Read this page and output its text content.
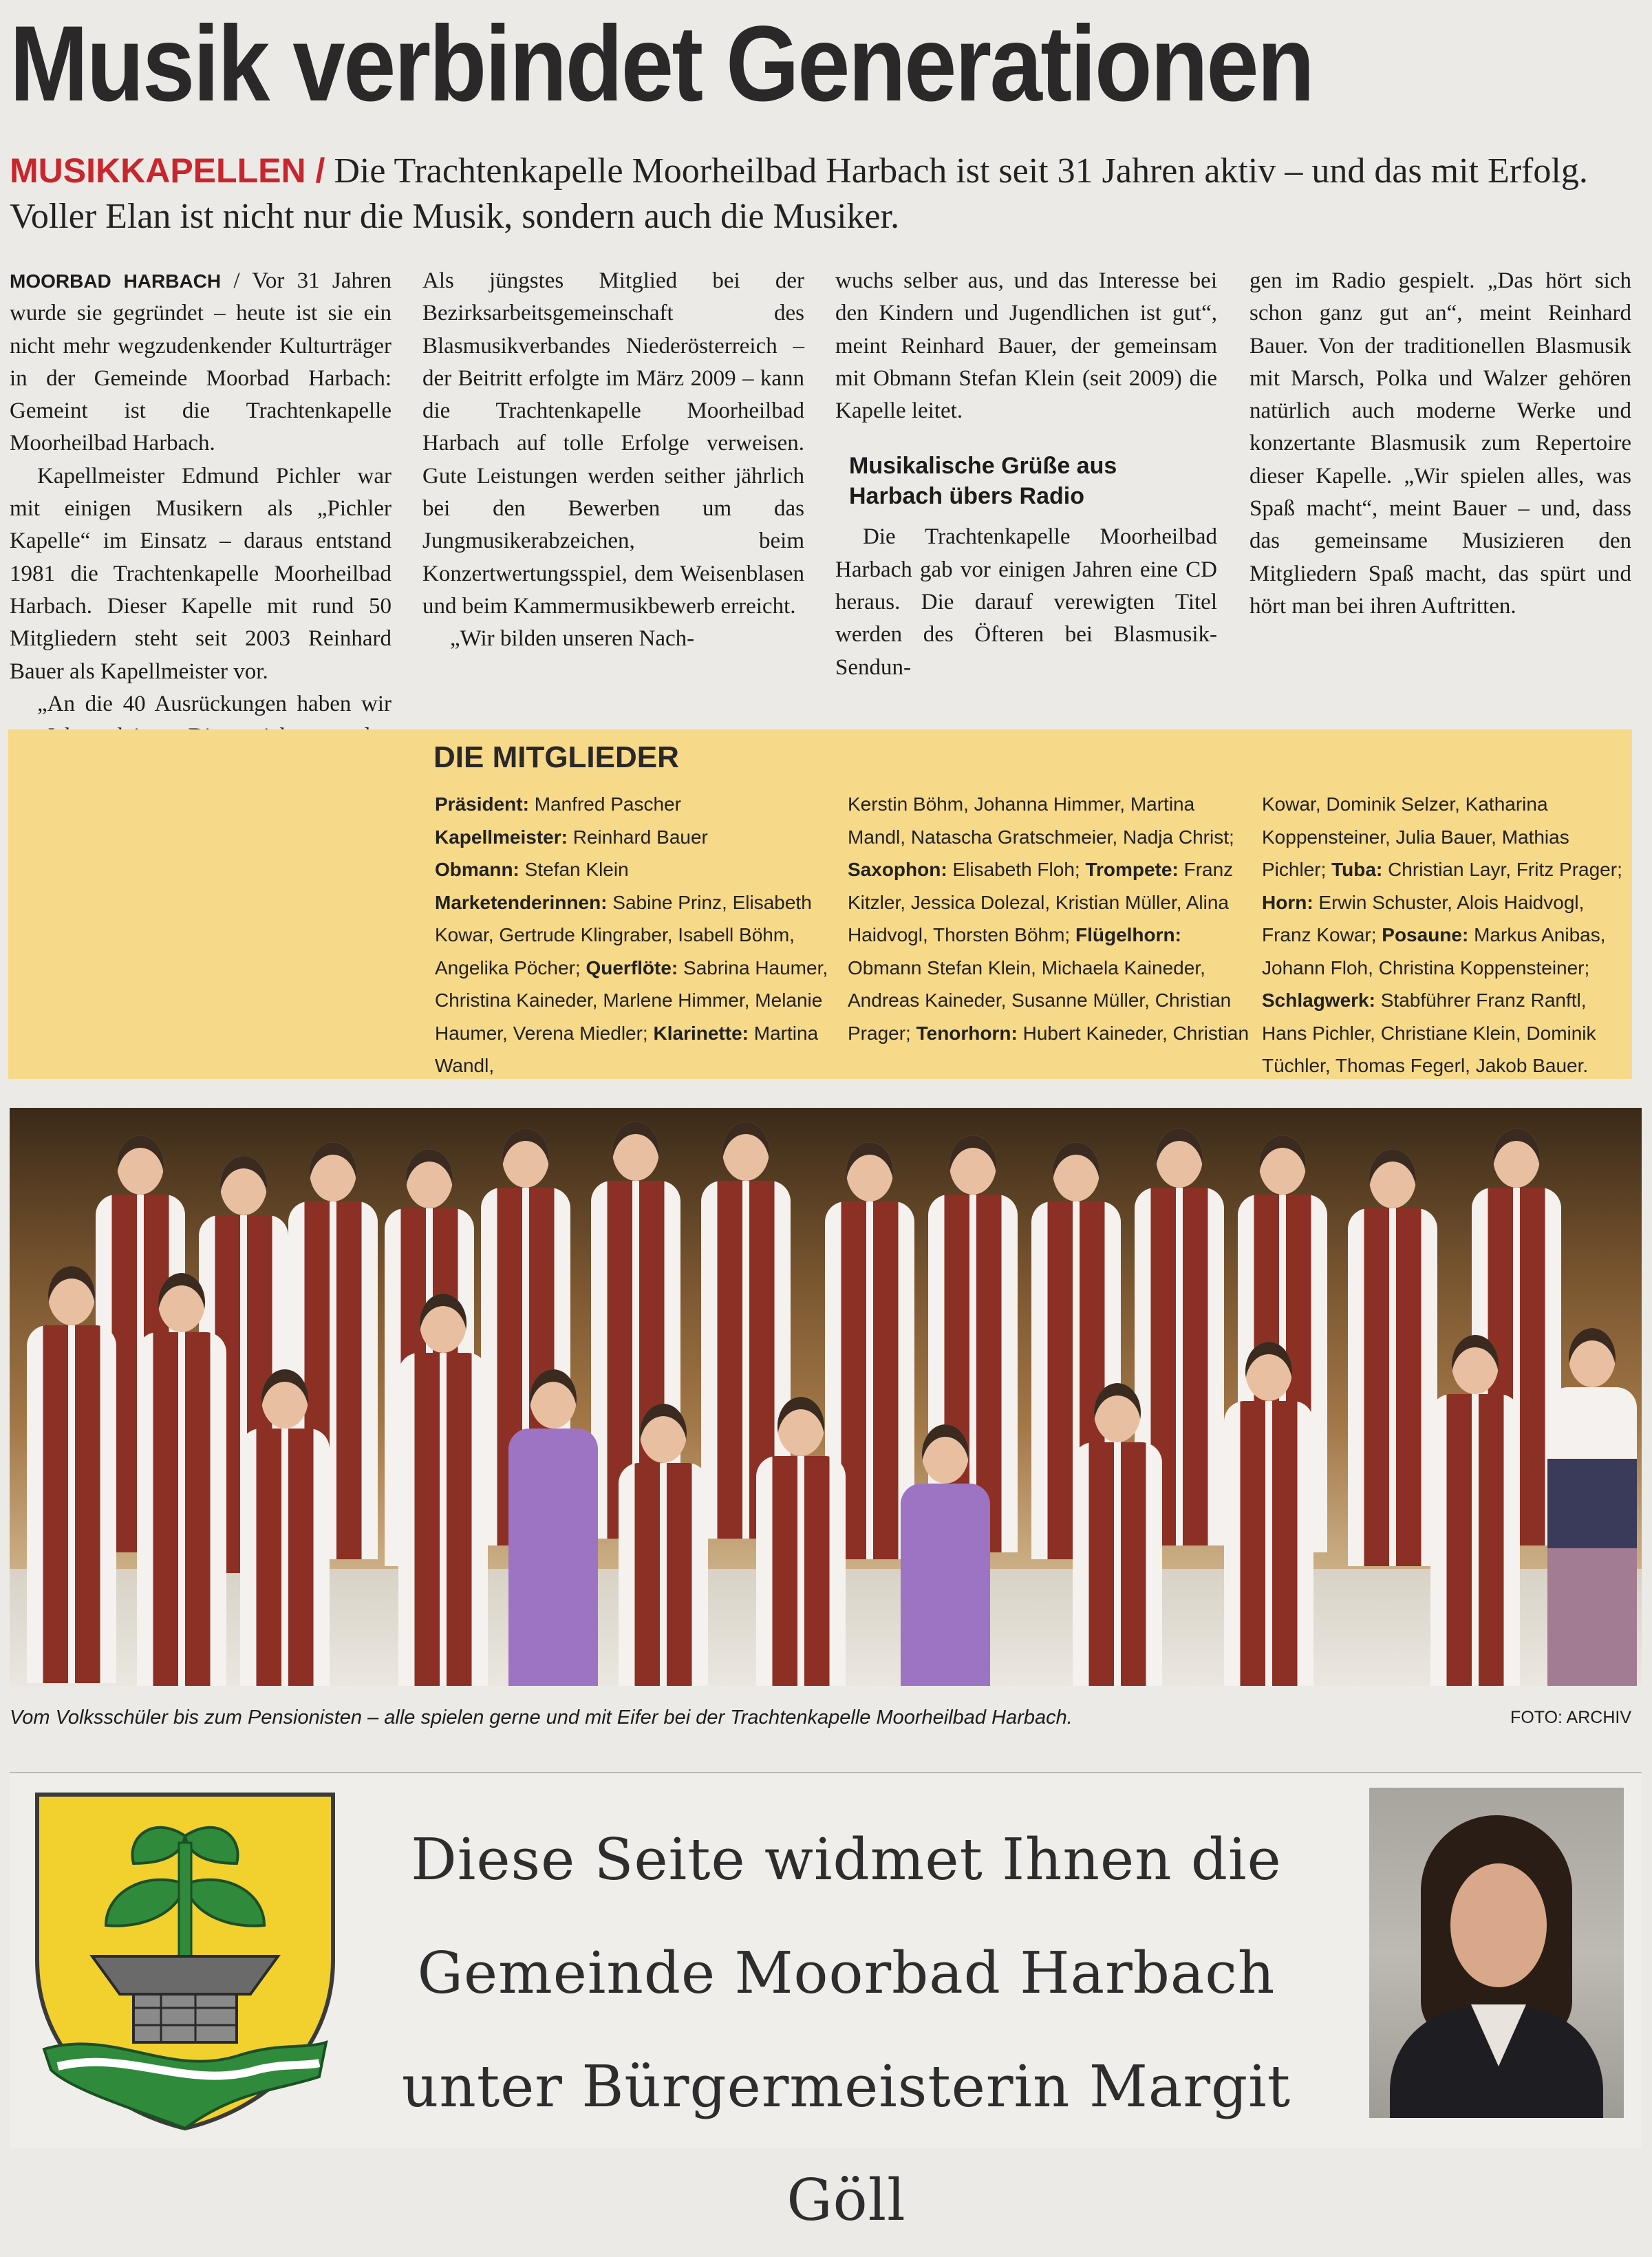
Musik verbindet Generationen
MUSIKKAPELLEN / Die Trachtenkapelle Moorheilbad Harbach ist seit 31 Jahren aktiv – und das mit Erfolg. Voller Elan ist nicht nur die Musik, sondern auch die Musiker.

MOORBAD HARBACH / Vor 31 Jahren wurde sie gegründet – heute ist sie ein nicht mehr wegzudenkender Kulturträger in der Gemeinde Moorbad Harbach: Gemeint ist die Trachtenkapelle Moorheilbad Harbach.

Kapellmeister Edmund Pichler war mit einigen Musikern als „Pichler Kapelle“ im Einsatz – daraus entstand 1981 die Trachtenkapelle Moorheilbad Harbach. Dieser Kapelle mit rund 50 Mitgliedern steht seit 2003 Reinhard Bauer als Kapellmeister vor.

„An die 40 Ausrückungen haben wir pro Jahr zu leisten. Diese reichen von den Platzkonzerten vor dem Kurhaus über die musikalische Gestaltung der kirchlichen Feiern bis zum traditionellen Frühlingskonzert, das wir immer am Ostersonntag spielen“, berichtet der engagierte Kapellmeister, dessen Schwester Martina die Stadtkapelle Weitra leitet.

Als jüngstes Mitglied bei der Bezirksarbeitsgemeinschaft des Blasmusikverbandes Niederösterreich – der Beitritt erfolgte im März 2009 – kann die Trachtenkapelle Moorheilbad Harbach auf tolle Erfolge verweisen. Gute Leistungen werden seither jährlich bei den Bewerben um das Jungmusikerabzeichen, beim Konzertwertungsspiel, dem Weisenblasen und beim Kammermusikbewerb erreicht.

„Wir bilden unseren Nach-

wuchs selber aus, und das Interesse bei den Kindern und Jugendlichen ist gut“, meint Reinhard Bauer, der gemeinsam mit Obmann Stefan Klein (seit 2009) die Kapelle leitet.

Musikalische Grüße aus
Harbach übers Radio

Die Trachtenkapelle Moorheilbad Harbach gab vor einigen Jahren eine CD heraus. Die darauf verewigten Titel werden des Öfteren bei Blasmusik-Sendun-

gen im Radio gespielt. „Das hört sich schon ganz gut an“, meint Reinhard Bauer. Von der traditionellen Blasmusik mit Marsch, Polka und Walzer gehören natürlich auch moderne Werke und konzertante Blasmusik zum Repertoire dieser Kapelle. „Wir spielen alles, was Spaß macht“, meint Bauer – und, dass das gemeinsame Musizieren den Mitgliedern Spaß macht, das spürt und hört man bei ihren Auftritten.

DIE MITGLIEDER
Präsident: Manfred Pascher
Kapellmeister: Reinhard Bauer
Obmann: Stefan Klein
Marketenderinnen: Sabine Prinz, Elisabeth Kowar, Gertrude Klingraber, Isabell Böhm, Angelika Pöcher; Querflöte: Sabrina Haumer, Christina Kaineder, Marlene Himmer, Melanie Haumer, Verena Miedler; Klarinette: Martina Wandl,
Kerstin Böhm, Johanna Himmer, Martina Mandl, Natascha Gratschmeier, Nadja Christ; Saxophon: Elisabeth Floh; Trompete: Franz Kitzler, Jessica Dolezal, Kristian Müller, Alina Haidvogl, Thorsten Böhm; Flügelhorn: Obmann Stefan Klein, Michaela Kaineder, Andreas Kaineder, Susanne Müller, Christian Prager; Tenorhorn: Hubert Kaineder, Christian
Kowar, Dominik Selzer, Katharina Koppensteiner, Julia Bauer, Mathias Pichler; Tuba: Christian Layr, Fritz Prager; Horn: Erwin Schuster, Alois Haidvogl, Franz Kowar; Posaune: Markus Anibas, Johann Floh, Christina Koppensteiner; Schlagwerk: Stabführer Franz Ranftl, Hans Pichler, Christiane Klein, Dominik Tüchler, Thomas Fegerl, Jakob Bauer.
Vom Volksschüler bis zum Pensionisten – alle spielen gerne und mit Eifer bei der Trachtenkapelle Moorheilbad Harbach.	FOTO: ARCHIV
Diese Seite widmet Ihnen die
Gemeinde Moorbad Harbach
unter Bürgermeisterin Margit Göll
